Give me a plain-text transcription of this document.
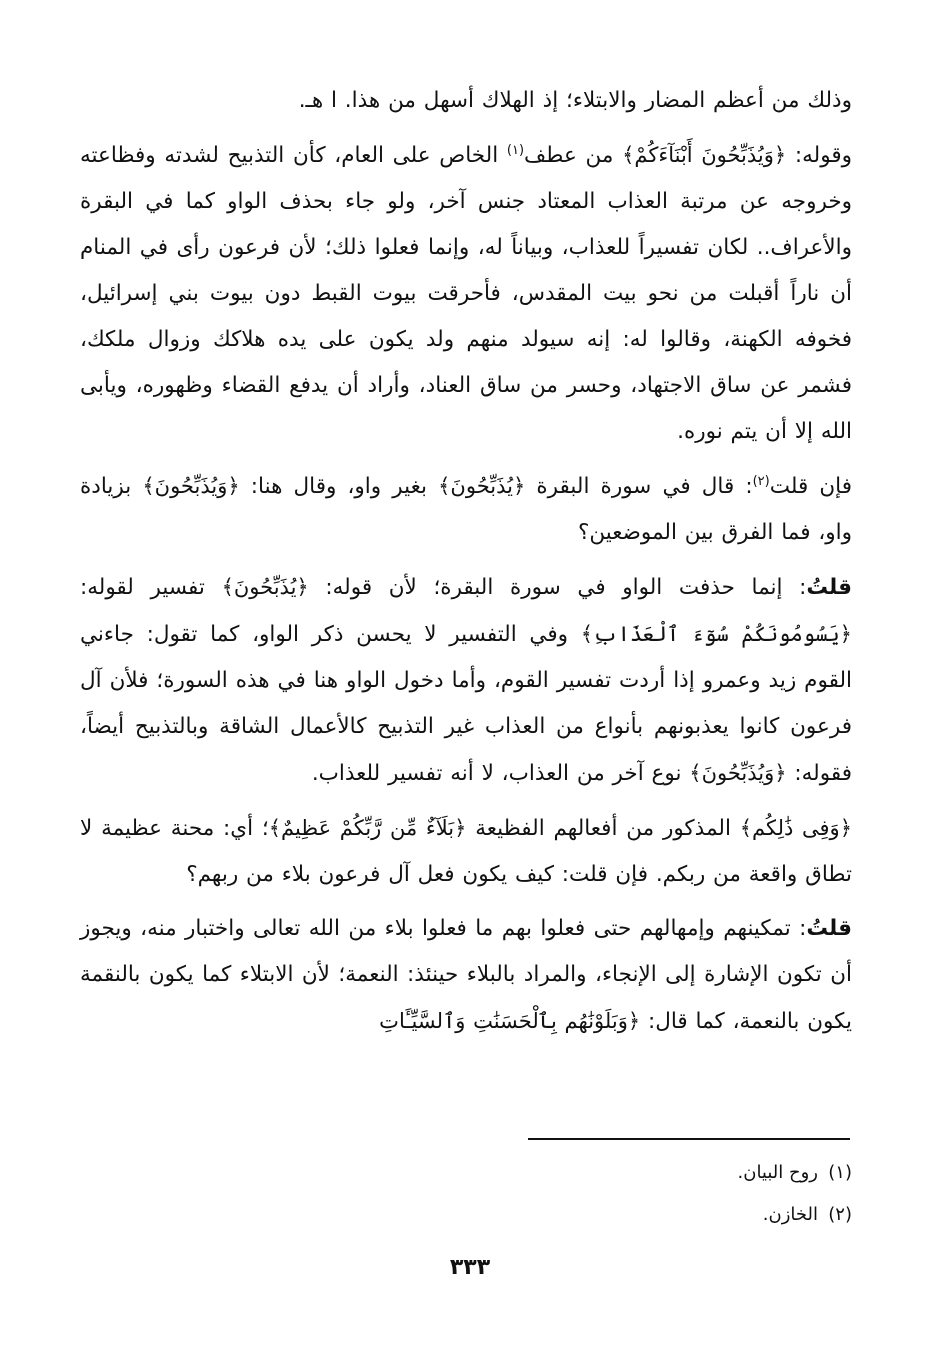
وذلك من أعظم المضار والابتلاء؛ إذ الهلاك أسهل من هذا. ا هـ.

وقوله: ﴿وَيُذَبِّحُونَ أَبْنَآءَكُمْ﴾ من عطف$^{(١)}$ الخاص على العام، كأن التذبيح لشدته وفظاعته وخروجه عن مرتبة العذاب المعتاد جنس آخر، ولو جاء بحذف الواو كما في البقرة والأعراف.. لكان تفسيراً للعذاب، وبياناً له، وإنما فعلوا ذلك؛ لأن فرعون رأى في المنام أن ناراً أقبلت من نحو بيت المقدس، فأحرقت بيوت القبط دون بيوت بني إسرائيل، فخوفه الكهنة، وقالوا له: إنه سيولد منهم ولد يكون على يده هلاكك وزوال ملكك، فشمر عن ساق الاجتهاد، وحسر من ساق العناد، وأراد أن يدفع القضاء وظهوره، ويأبى الله إلا أن يتم نوره.

فإن قلت$^{(٢)}$: قال في سورة البقرة ﴿يُذَبِّحُونَ﴾ بغير واو، وقال هنا: ﴿وَيُذَبِّحُونَ﴾ بزيادة واو، فما الفرق بين الموضعين؟

قلتُ: إنما حذفت الواو في سورة البقرة؛ لأن قوله: ﴿يُذَبِّحُونَ﴾ تفسير لقوله: ﴿يَسُومُونَكُمْ سُوٓءَ ٱلْعَذَابِ﴾ وفي التفسير لا يحسن ذكر الواو، كما تقول: جاءني القوم زيد وعمرو إذا أردت تفسير القوم، وأما دخول الواو هنا في هذه السورة؛ فلأن آل فرعون كانوا يعذبونهم بأنواع من العذاب غير التذبيح كالأعمال الشاقة وبالتذبيح أيضاً، فقوله: ﴿وَيُذَبِّحُونَ﴾ نوع آخر من العذاب، لا أنه تفسير للعذاب.

﴿وَفِى ذَٰلِكُم﴾ المذكور من أفعالهم الفظيعة ﴿بَلَآءٌ مِّن رَّبِّكُمْ عَظِيمٌ﴾؛ أي: محنة عظيمة لا تطاق واقعة من ربكم. فإن قلت: كيف يكون فعل آل فرعون بلاء من ربهم؟

قلتُ: تمكينهم وإمهالهم حتى فعلوا بهم ما فعلوا بلاء من الله تعالى واختبار منه، ويجوز أن تكون الإشارة إلى الإنجاء، والمراد بالبلاء حينئذ: النعمة؛ لأن الابتلاء كما يكون بالنقمة يكون بالنعمة، كما قال: ﴿وَبَلَوْنَٰهُم بِٱلْحَسَنَٰتِ وَٱلسَّيِّـَٔاتِ

(١)روح البيان.
(٢)الخازن.
٣٣٣
